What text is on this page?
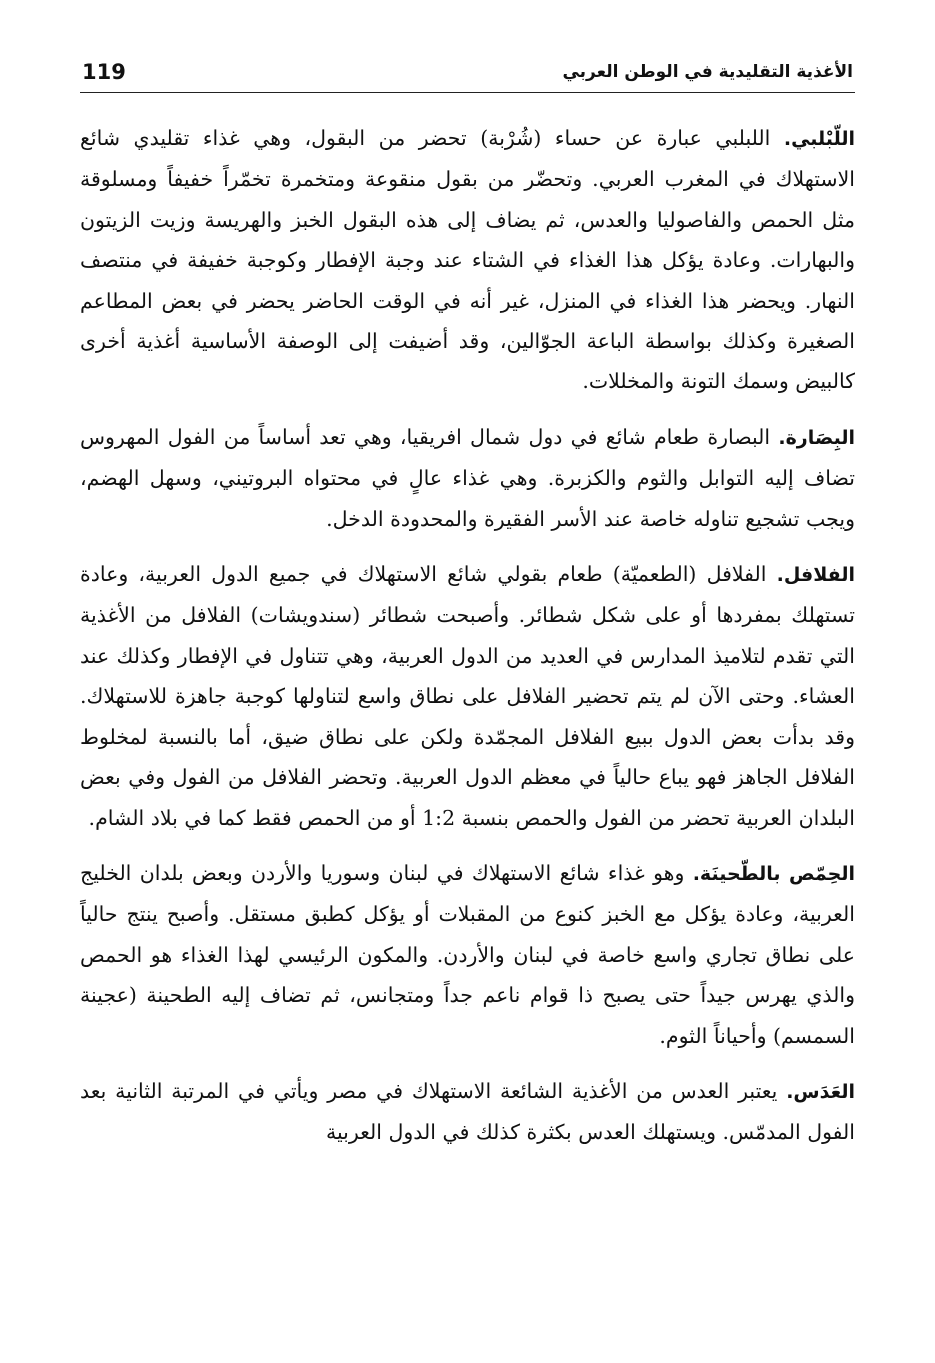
119	الأغذية التقليدية في الوطن العربي

اللّبْلبي. اللبلبي عبارة عن حساء (شُرْبة) تحضر من البقول، وهي غذاء تقليدي شائع الاستهلاك في المغرب العربي. وتحضّر من بقول منقوعة ومتخمرة تخمّراً خفيفاً ومسلوقة مثل الحمص والفاصوليا والعدس، ثم يضاف إلى هذه البقول الخبز والهريسة وزيت الزيتون والبهارات. وعادة يؤكل هذا الغذاء في الشتاء عند وجبة الإفطار وكوجبة خفيفة في منتصف النهار. ويحضر هذا الغذاء في المنزل، غير أنه في الوقت الحاضر يحضر في بعض المطاعم الصغيرة وكذلك بواسطة الباعة الجوّالين، وقد أضيفت إلى الوصفة الأساسية أغذية أخرى كالبيض وسمك التونة والمخللات.

البِصَارة. البصارة طعام شائع في دول شمال افريقيا، وهي تعد أساساً من الفول المهروس تضاف إليه التوابل والثوم والكزبرة. وهي غذاء عالٍ في محتواه البروتيني، وسهل الهضم، ويجب تشجيع تناوله خاصة عند الأسر الفقيرة والمحدودة الدخل.

الفلافل. الفلافل (الطعميّة) طعام بقولي شائع الاستهلاك في جميع الدول العربية، وعادة تستهلك بمفردها أو على شكل شطائر. وأصبحت شطائر (سندويشات) الفلافل من الأغذية التي تقدم لتلاميذ المدارس في العديد من الدول العربية، وهي تتناول في الإفطار وكذلك عند العشاء. وحتى الآن لم يتم تحضير الفلافل على نطاق واسع لتناولها كوجبة جاهزة للاستهلاك. وقد بدأت بعض الدول ببيع الفلافل المجمّدة ولكن على نطاق ضيق، أما بالنسبة لمخلوط الفلافل الجاهز فهو يباع حالياً في معظم الدول العربية. وتحضر الفلافل من الفول وفي بعض البلدان العربية تحضر من الفول والحمص بنسبة 1:2 أو من الحمص فقط كما في بلاد الشام.

الحِمّص بالطّحينَة. وهو غذاء شائع الاستهلاك في لبنان وسوريا والأردن وبعض بلدان الخليج العربية، وعادة يؤكل مع الخبز كنوع من المقبلات أو يؤكل كطبق مستقل. وأصبح ينتج حالياً على نطاق تجاري واسع خاصة في لبنان والأردن. والمكون الرئيسي لهذا الغذاء هو الحمص والذي يهرس جيداً حتى يصبح ذا قوام ناعم جداً ومتجانس، ثم تضاف إليه الطحينة (عجينة السمسم) وأحياناً الثوم.

العَدَس. يعتبر العدس من الأغذية الشائعة الاستهلاك في مصر ويأتي في المرتبة الثانية بعد الفول المدمّس. ويستهلك العدس بكثرة كذلك في الدول العربية
